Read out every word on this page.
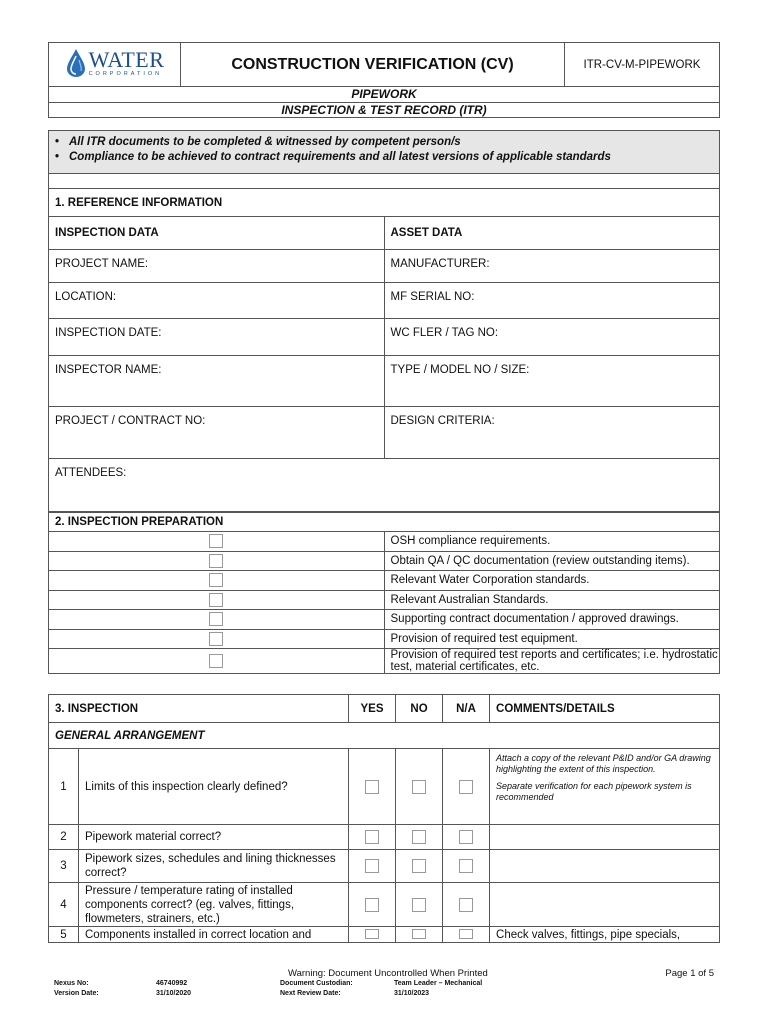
WATER
CORPORATION
	CONSTRUCTION VERIFICATION (CV)	ITR-CV-M-PIPEWORK
PIPEWORK
INSPECTION & TEST RECORD (ITR)
• All ITR documents to be completed & witnessed by competent person/s
• Compliance to be achieved to contract requirements and all latest versions of applicable standards
1. REFERENCE INFORMATION	
INSPECTION DATA	ASSET DATA
PROJECT NAME:	MANUFACTURER:
LOCATION:	MF SERIAL NO:
INSPECTION DATE:	WC FLER / TAG NO:
INSPECTOR NAME:	TYPE / MODEL NO / SIZE:
PROJECT / CONTRACT NO:	DESIGN CRITERIA:
ATTENDEES:	
2. INSPECTION PREPARATION	
	OSH compliance requirements.
	Obtain QA / QC documentation (review outstanding items).
	Relevant Water Corporation standards.
	Relevant Australian Standards.
	Supporting contract documentation / approved drawings.
	Provision of required test equipment.
	Provision of required test reports and certificates; i.e. hydrostatic test, material certificates, etc.
3. INSPECTION		YES	NO	N/A	COMMENTS/DETAILS
GENERAL ARRANGEMENT					
1	Limits of this inspection clearly defined?				Attach a copy of the relevant P&ID and/or GA drawing highlighting the extent of this inspection.

Separate verification for each pipework system is recommended

2	Pipework material correct?				
3	Pipework sizes, schedules and lining thicknesses correct?				
4	Pressure / temperature rating of installed components correct? (eg. valves, fittings, flowmeters, strainers, etc.)				
5	Components installed in correct location and				Check valves, fittings, pipe specials,
Warning: Document Uncontrolled When Printed	Page 1 of 5
Nexus No:	46740992
Version Date:	31/10/2020
Document Custodian:	Team Leader – Mechanical
Next Review Date:	31/10/2023
